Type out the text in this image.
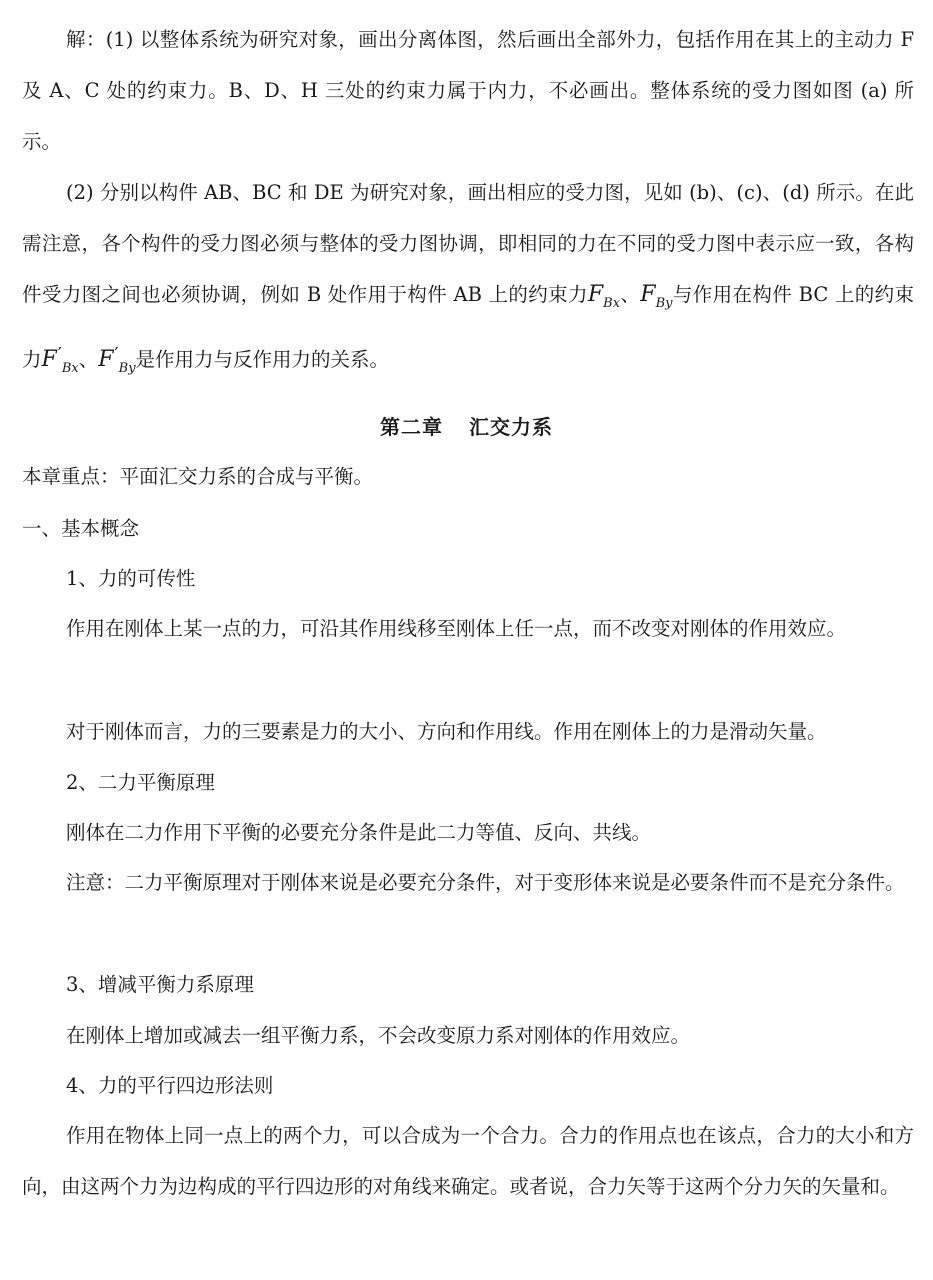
解：(1) 以整体系统为研究对象，画出分离体图，然后画出全部外力，包括作用在其上的主动力 F 及 A、C 处的约束力。B、D、H 三处的约束力属于内力，不必画出。整体系统的受力图如图 (a) 所示。

(2) 分别以构件 AB、BC 和 DE 为研究对象，画出相应的受力图，见如 (b)、(c)、(d) 所示。在此需注意，各个构件的受力图必须与整体的受力图协调，即相同的力在不同的受力图中表示应一致，各构件受力图之间也必须协调，例如 B 处作用于构件 AB 上的约束力$F_{Bx}$、$F_{By}$与作用在构件 BC 上的约束力$F'_{Bx}$、$F'_{By}$是作用力与反作用力的关系。

第二章 汇交力系

本章重点：平面汇交力系的合成与平衡。

一、基本概念

1、力的可传性

作用在刚体上某一点的力，可沿其作用线移至刚体上任一点，而不改变对刚体的作用效应。

对于刚体而言，力的三要素是力的大小、方向和作用线。作用在刚体上的力是滑动矢量。

2、二力平衡原理

刚体在二力作用下平衡的必要充分条件是此二力等值、反向、共线。

注意：二力平衡原理对于刚体来说是必要充分条件，对于变形体来说是必要条件而不是充分条件。

3、增减平衡力系原理

在刚体上增加或减去一组平衡力系，不会改变原力系对刚体的作用效应。

4、力的平行四边形法则

作用在物体上同一点上的两个力，可以合成为一个合力。合力的作用点也在该点，合力的大小和方向，由这两个力为边构成的平行四边形的对角线来确定。或者说，合力矢等于这两个分力矢的矢量和。
